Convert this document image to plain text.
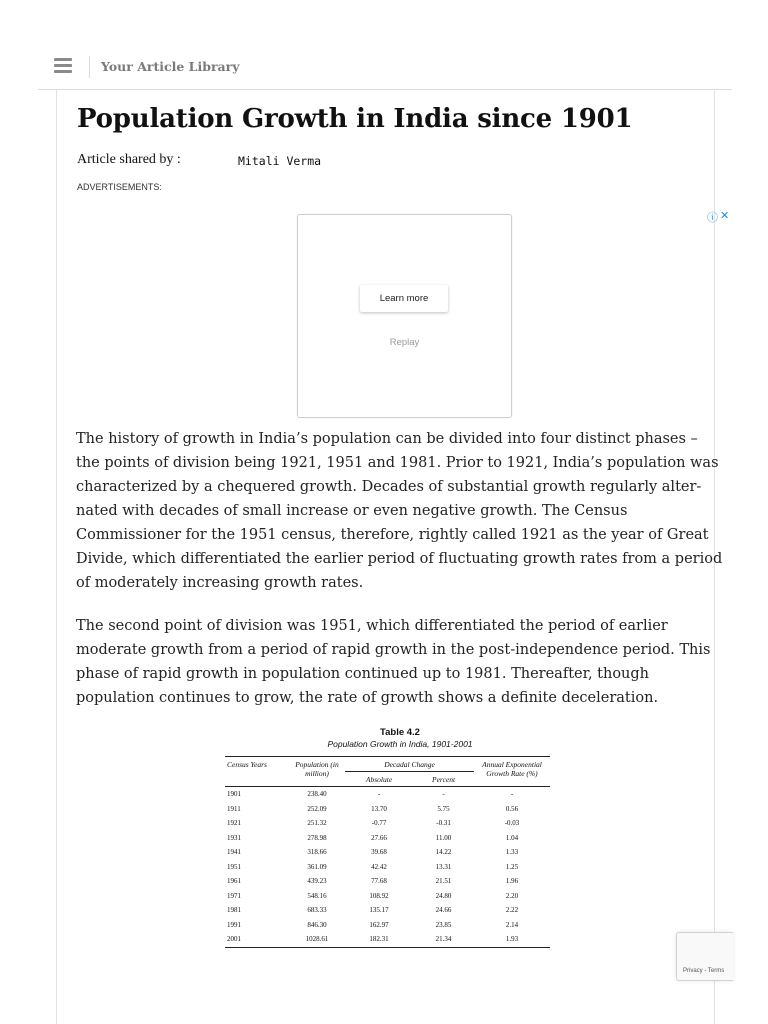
Your Article Library
Population Growth in India since 1901
Article shared by :	Mitali Verma
ADVERTISEMENTS:
ⓘ ✕
Learn more
Replay

The history of growth in India’s population can be divided into four distinct phases –
the points of division being 1921, 1951 and 1981. Prior to 1921, India’s population was
characterized by a chequered growth. Decades of substantial growth regularly alter-
nated with decades of small increase or even negative growth. The Census
Commissioner for the 1951 census, therefore, rightly called 1921 as the year of Great
Divide, which differentiated the earlier period of fluctuating growth rates from a period
of moderately increasing growth rates.

The second point of division was 1951, which differentiated the period of earlier
moderate growth from a period of rapid growth in the post-independence period. This
phase of rapid growth in population continued up to 1981. Thereafter, though
population continues to grow, the rate of growth shows a definite deceleration.

Table 4.2
Population Growth in India, 1901-2001
Census Years	Population (in million)	Decadal Change		Annual Exponential Growth Rate (%)
		Absolute	Percent	

1901	238.40	-	-	-
1911	252.09	13.70	5.75	0.56
1921	251.32	-0.77	-0.31	-0.03
1931	278.98	27.66	11.00	1.04
1941	318.66	39.68	14.22	1.33
1951	361.09	42.42	13.31	1.25
1961	439.23	77.68	21.51	1.96
1971	548.16	108.92	24.80	2.20
1981	683.33	135.17	24.66	2.22
1991	846.30	162.97	23.85	2.14
2001	1028.61	182.31	21.34	1.93
Privacy - Terms
